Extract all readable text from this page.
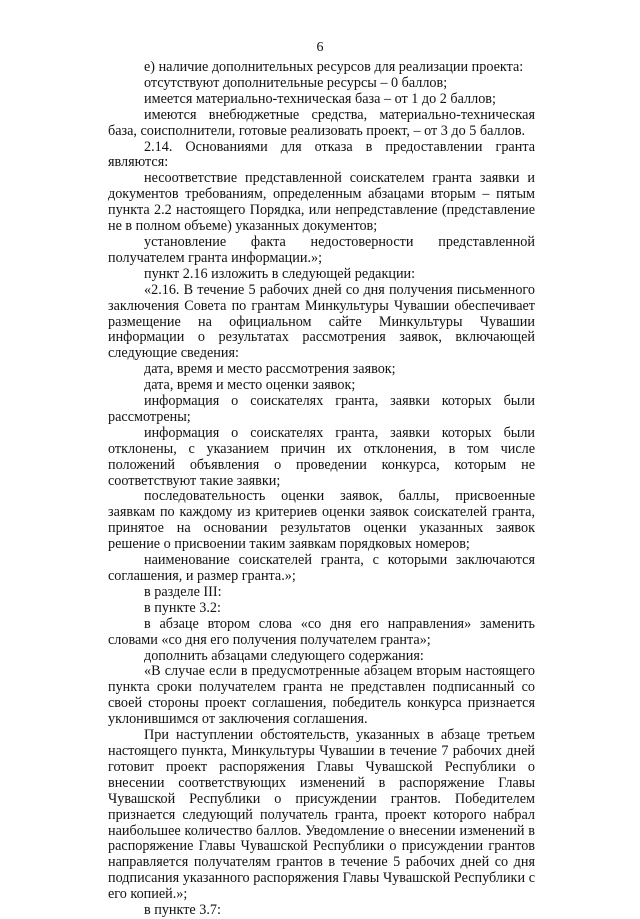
6

е) наличие дополнительных ресурсов для реализации проекта:

отсутствуют дополнительные ресурсы – 0 баллов;

имеется материально-техническая база – от 1 до 2 баллов;

имеются внебюджетные средства, материально-техническая база, соисполнители, готовые реализовать проект, – от 3 до 5 баллов.

2.14. Основаниями для отказа в предоставлении гранта являются:

несоответствие представленной соискателем гранта заявки и документов требованиям, определенным абзацами вторым – пятым пункта 2.2 настоящего Порядка, или непредставление (представление не в полном объеме) указанных документов;

установление факта недостоверности представленной получателем гранта информации.»;

пункт 2.16 изложить в следующей редакции:

«2.16. В течение 5 рабочих дней со дня получения письменного заключения Совета по грантам Минкультуры Чувашии обеспечивает размещение на официальном сайте Минкультуры Чувашии информации о результатах рассмотрения заявок, включающей следующие сведения:

дата, время и место рассмотрения заявок;

дата, время и место оценки заявок;

информация о соискателях гранта, заявки которых были рассмотрены;

информация о соискателях гранта, заявки которых были отклонены, с указанием причин их отклонения, в том числе положений объявления о проведении конкурса, которым не соответствуют такие заявки;

последовательность оценки заявок, баллы, присвоенные заявкам по каждому из критериев оценки заявок соискателей гранта, принятое на основании результатов оценки указанных заявок решение о присвоении таким заявкам порядковых номеров;

наименование соискателей гранта, с которыми заключаются соглашения, и размер гранта.»;

в разделе III:

в пункте 3.2:

в абзаце втором слова «со дня его направления» заменить словами «со дня его получения получателем гранта»;

дополнить абзацами следующего содержания:

«В случае если в предусмотренные абзацем вторым настоящего пункта сроки получателем гранта не представлен подписанный со своей стороны проект соглашения, победитель конкурса признается уклонившимся от заключения соглашения.

При наступлении обстоятельств, указанных в абзаце третьем настоящего пункта, Минкультуры Чувашии в течение 7 рабочих дней готовит проект распоряжения Главы Чувашской Республики о внесении соответствующих изменений в распоряжение Главы Чувашской Республики о присуждении грантов. Победителем признается следующий получатель гранта, проект которого набрал наибольшее количество баллов. Уведомление о внесении изменений в распоряжение Главы Чувашской Республики о присуждении грантов направляется получателям грантов в течение 5 рабочих дней со дня подписания указанного распоряжения Главы Чувашской Республики с его копией.»;

в пункте 3.7:
